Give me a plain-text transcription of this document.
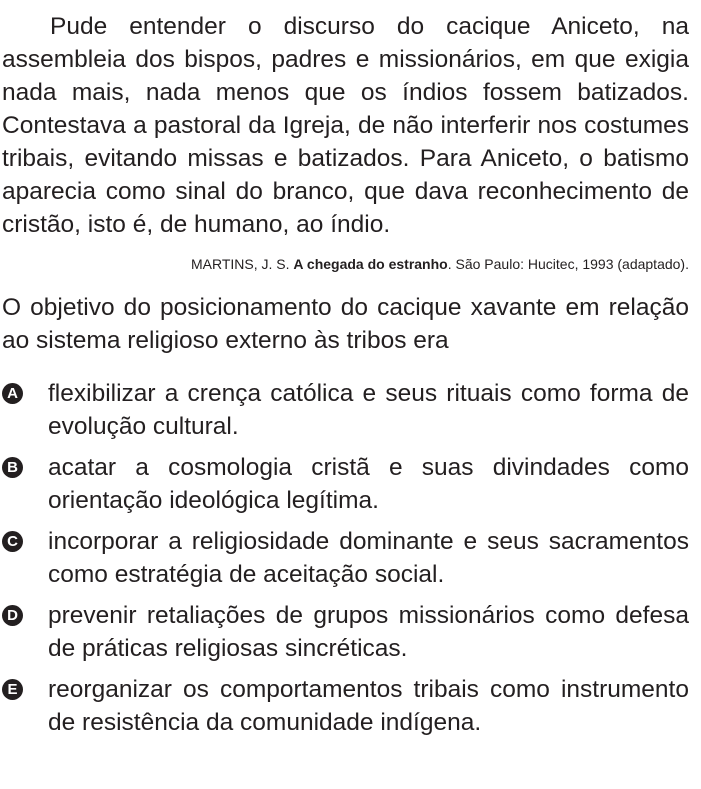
Pude entender o discurso do cacique Aniceto, na assembleia dos bispos, padres e missionários, em que exigia nada mais, nada menos que os índios fossem batizados. Contestava a pastoral da Igreja, de não interferir nos costumes tribais, evitando missas e batizados. Para Aniceto, o batismo aparecia como sinal do branco, que dava reconhecimento de cristão, isto é, de humano, ao índio.

MARTINS, J. S. A chegada do estranho. São Paulo: Hucitec, 1993 (adaptado).

O objetivo do posicionamento do cacique xavante em relação ao sistema religioso externo às tribos era

A flexibilizar a crença católica e seus rituais como forma de evolução cultural.
B acatar a cosmologia cristã e suas divindades como orientação ideológica legítima.
C incorporar a religiosidade dominante e seus sacramentos como estratégia de aceitação social.
D prevenir retaliações de grupos missionários como defesa de práticas religiosas sincréticas.
E reorganizar os comportamentos tribais como instrumento de resistência da comunidade indígena.
